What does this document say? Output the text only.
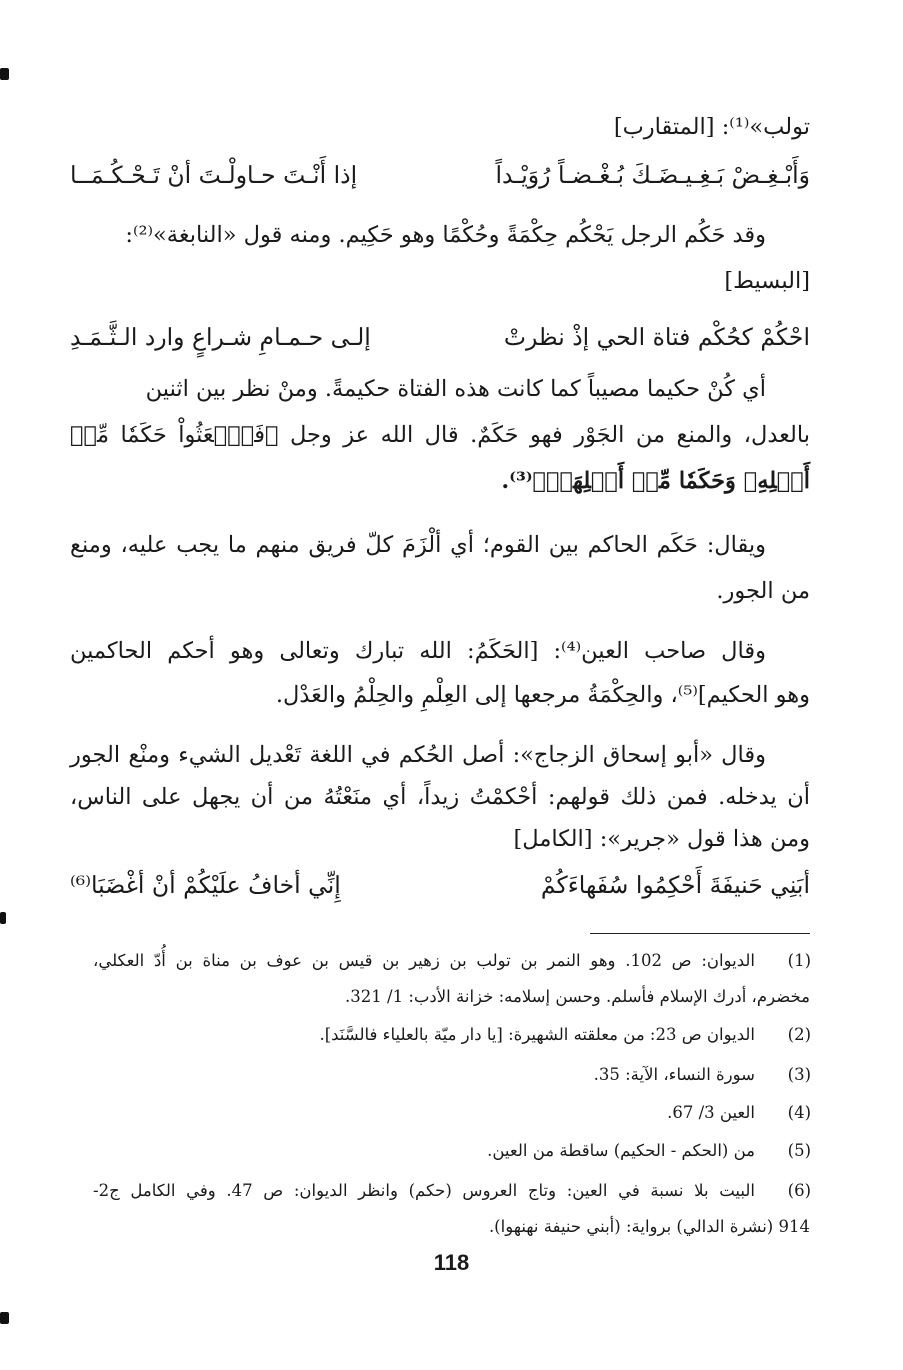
تولب»⁽¹⁾: [المتقارب]
وَأَبْـغِـضْ بَـغِـيـضَـكَ بُـغْـضـاً رُوَيْـداً
إذا أَنْـتَ حـاولْـتَ أنْ تَـحْـكُـمَــا
وقد حَكُم الرجل يَحْكُم حِكْمَةً وحُكْمًا وهو حَكِيم. ومنه قول «النابغة»⁽²⁾:
[البسيط]
احْكُمْ كحُكْم فتاة الحي إذْ نظرتْ
إلـى حـمـامِ شـراعٍ وارد الـثَّـمَـدِ
أي كُنْ حكيما مصيباً كما كانت هذه الفتاة حكيمةً. ومنْ نظر بين اثنين
بالعدل، والمنع من الجَوْر فهو حَكَمٌ. قال الله عز وجل ﴿فَٱبۡعَثُواْ حَكَمٗا مِّنۡ
أَهۡلِهِۦ وَحَكَمٗا مِّنۡ أَهۡلِهَآۚ﴾⁽³⁾.
ويقال: حَكَم الحاكم بين القوم؛ أي ألْزَمَ كلّ فريق منهم ما يجب عليه، ومنع
من الجور.
وقال صاحب العين⁽⁴⁾: [الحَكَمُ: الله تبارك وتعالى وهو أحكم الحاكمين
وهو الحكيم]⁽⁵⁾، والحِكْمَةُ مرجعها إلى العِلْمِ والحِلْمُ والعَدْل.
وقال «أبو إسحاق الزجاج»: أصل الحُكم في اللغة تَعْديل الشيء ومنْع الجور
أن يدخله. فمن ذلك قولهم: أحْكمْتُ زيداً، أي منَعْتُهُ من أن يجهل على الناس،
ومن هذا قول «جرير»: [الكامل]
أبَنِي حَنيفَةَ أَحْكِمُوا سُفَهاءَكُمْ
إِنِّي أخافُ علَيْكُمْ أنْ أغْضَبَا⁽⁶⁾
(1)
الديوان: ص 102. وهو النمر بن تولب بن زهير بن قيس بن عوف بن مناة بن أُدّ العكلي،
مخضرم، أدرك الإسلام فأسلم. وحسن إسلامه: خزانة الأدب: 1/ 321.
(2)
الديوان ص 23: من معلقته الشهيرة: [يا دار ميّة بالعلياء فالسَّنَد].
(3)
سورة النساء، الآية: 35.
(4)
العين 3/ 67.
(5)
من (الحكم - الحكيم) ساقطة من العين.
(6)
البيت بلا نسبة في العين: وتاج العروس (حكم) وانظر الديوان: ص 47. وفي الكامل ج2-
914 (نشرة الدالي) برواية: (أبني حنيفة نهنهوا).
118
